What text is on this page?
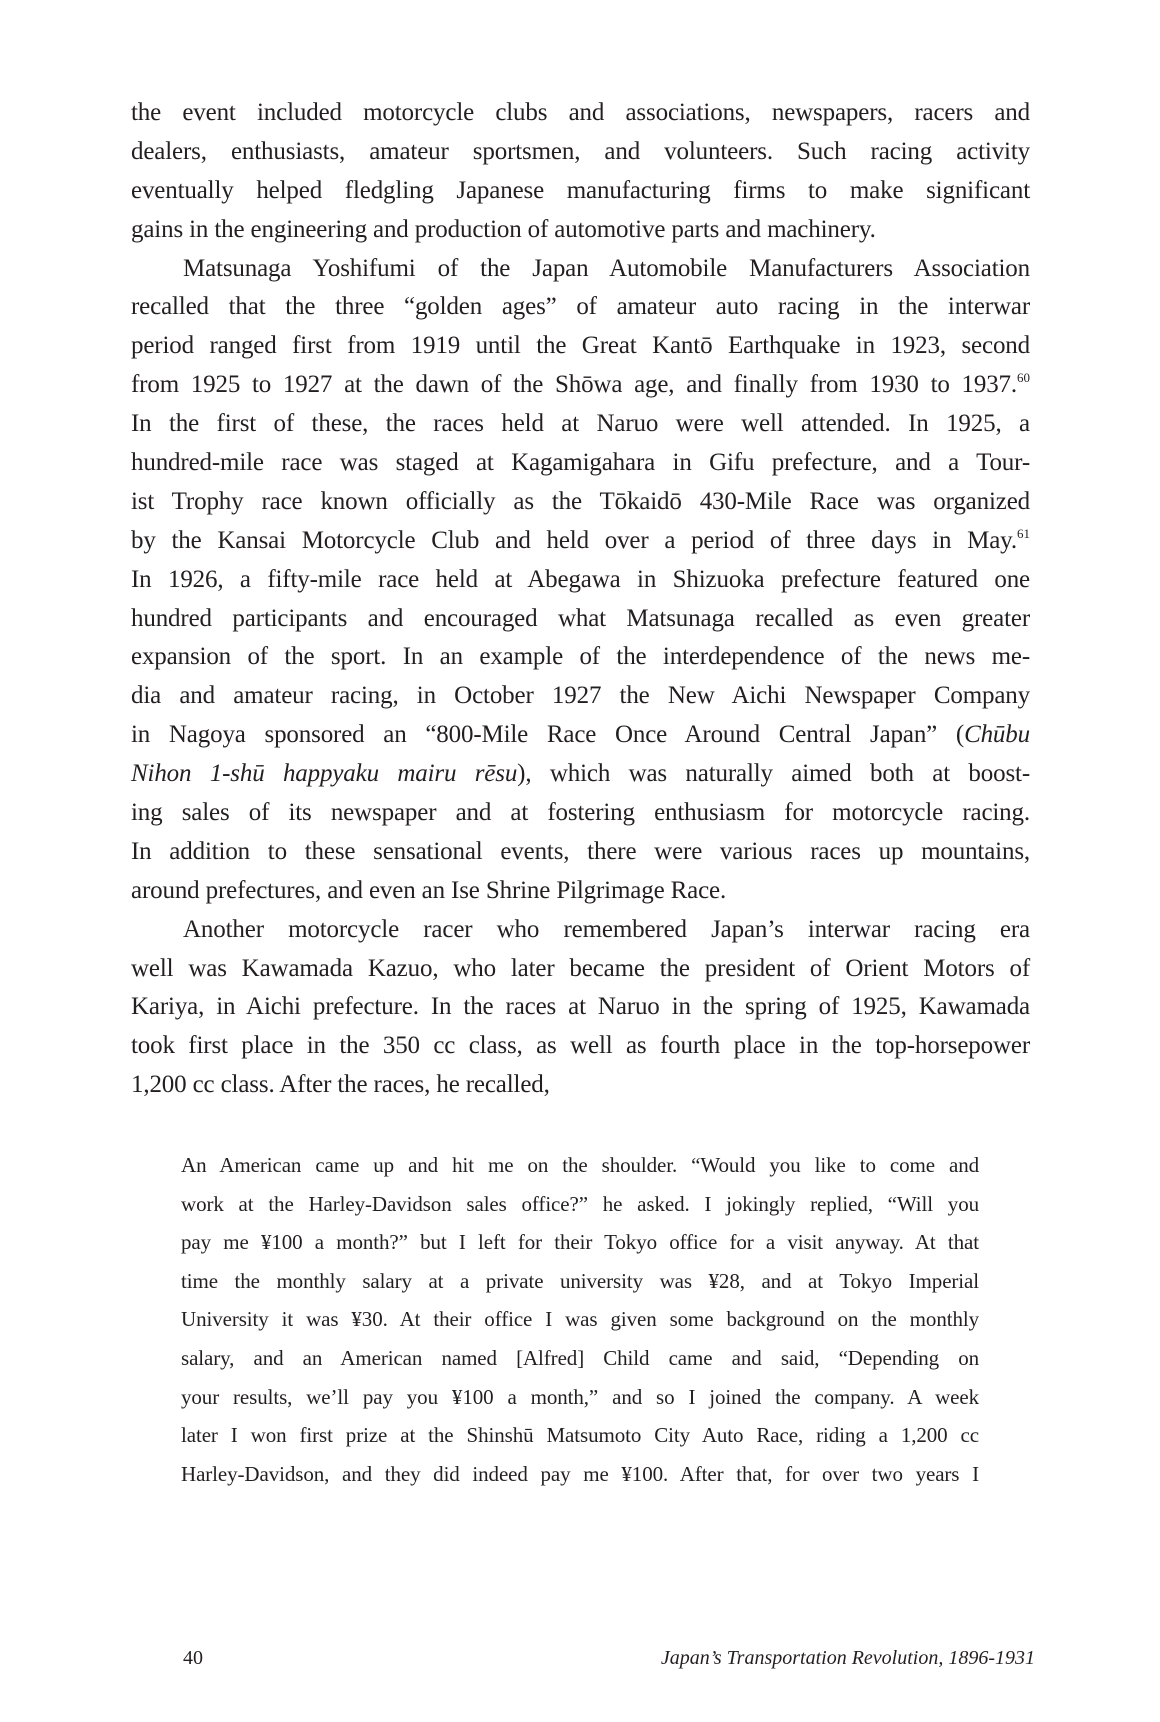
the event included motorcycle clubs and associations, newspapers, racers and
dealers, enthusiasts, amateur sportsmen, and volunteers. Such racing activity
eventually helped fledgling Japanese manufacturing firms to make significant
gains in the engineering and production of automotive parts and machinery.
Matsunaga Yoshifumi of the Japan Automobile Manufacturers Association
recalled that the three “golden ages” of amateur auto racing in the interwar
period ranged first from 1919 until the Great Kantō Earthquake in 1923, second
from 1925 to 1927 at the dawn of the Shōwa age, and finally from 1930 to 1937.60
In the first of these, the races held at Naruo were well attended. In 1925, a
hundred-mile race was staged at Kagamigahara in Gifu prefecture, and a Tour-
ist Trophy race known officially as the Tōkaidō 430-Mile Race was organized
by the Kansai Motorcycle Club and held over a period of three days in May.$^{61}$
In 1926, a fifty-mile race held at Abegawa in Shizuoka prefecture featured one
hundred participants and encouraged what Matsunaga recalled as even greater
expansion of the sport. In an example of the interdependence of the news me-
dia and amateur racing, in October 1927 the New Aichi Newspaper Company
in Nagoya sponsored an “800-Mile Race Once Around Central Japan” (Chūbu
Nihon 1-shū happyaku mairu rēsu), which was naturally aimed both at boost-
ing sales of its newspaper and at fostering enthusiasm for motorcycle racing.
In addition to these sensational events, there were various races up mountains,
around prefectures, and even an Ise Shrine Pilgrimage Race.
Another motorcycle racer who remembered Japan’s interwar racing era
well was Kawamada Kazuo, who later became the president of Orient Motors of
Kariya, in Aichi prefecture. In the races at Naruo in the spring of 1925, Kawamada
took first place in the 350 cc class, as well as fourth place in the top-horsepower
1,200 cc class. After the races, he recalled,
An American came up and hit me on the shoulder. “Would you like to come and
work at the Harley-Davidson sales office?” he asked. I jokingly replied, “Will you
pay me ¥100 a month?” but I left for their Tokyo office for a visit anyway. At that
time the monthly salary at a private university was ¥28, and at Tokyo Imperial
University it was ¥30. At their office I was given some background on the monthly
salary, and an American named [Alfred] Child came and said, “Depending on
your results, we’ll pay you ¥100 a month,” and so I joined the company. A week
later I won first prize at the Shinshū Matsumoto City Auto Race, riding a 1,200 cc
Harley-Davidson, and they did indeed pay me ¥100. After that, for over two years I
40	Japan’s Transportation Revolution, 1896-1931
